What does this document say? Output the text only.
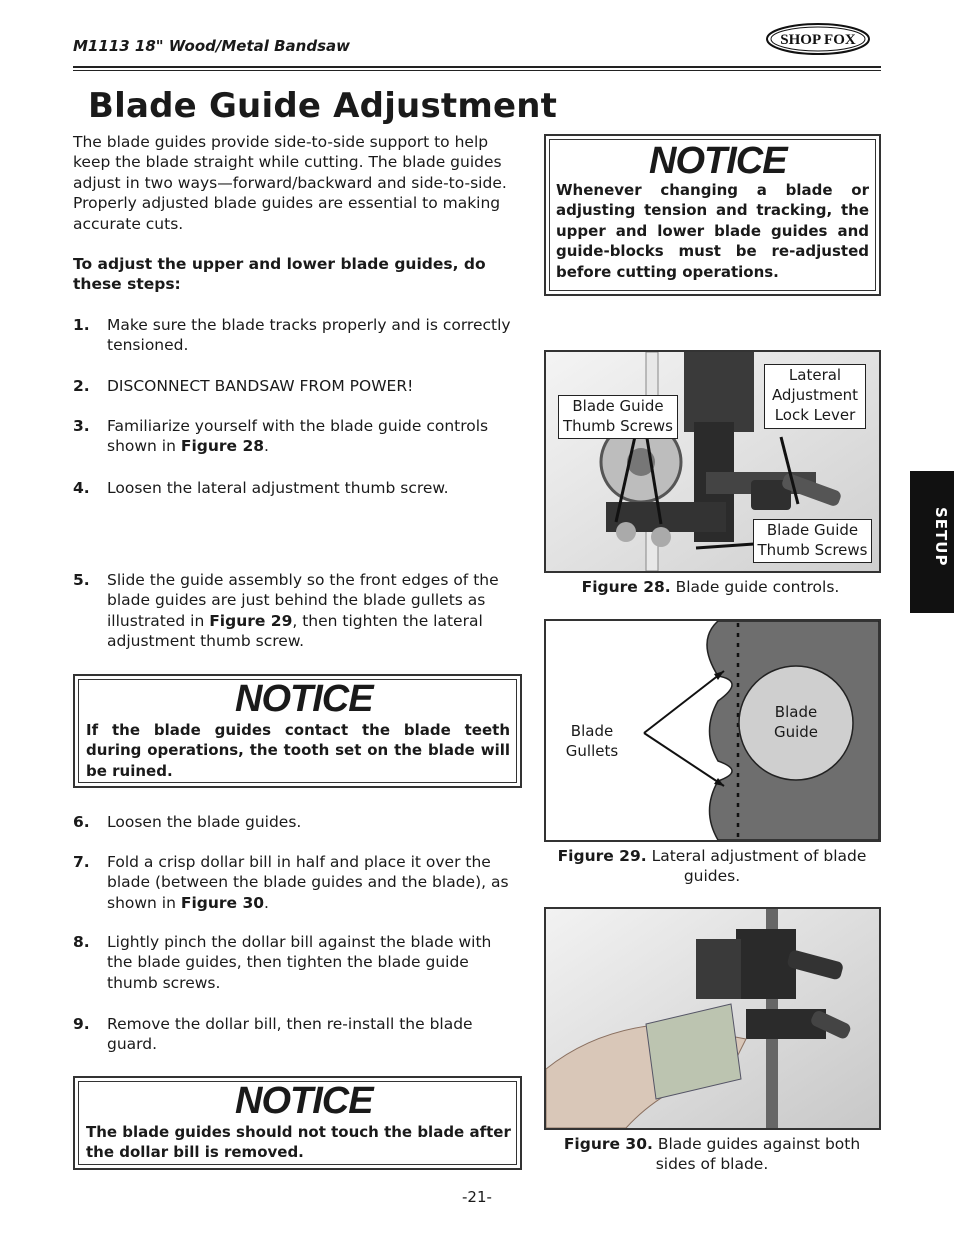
M1113 18" Wood/Metal Bandsaw	SHOP FOX
Blade Guide Adjustment
The blade guides provide side-to-side support to help keep the blade straight while cutting. The blade guides adjust in two ways—forward/backward and side-to-side. Properly adjusted blade guides are essential to making accurate cuts.
To adjust the upper and lower blade guides, do these steps:
1. Make sure the blade tracks properly and is correctly tensioned.
2. DISCONNECT BANDSAW FROM POWER!
3. Familiarize yourself with the blade guide controls shown in Figure 28.
4. Loosen the lateral adjustment thumb screw.
5. Slide the guide assembly so the front edges of the blade guides are just behind the blade gullets as illustrated in Figure 29, then tighten the lateral adjustment thumb screw.
NOTICE
If the blade guides contact the blade teeth during operations, the tooth set on the blade will be ruined.
6. Loosen the blade guides.
7. Fold a crisp dollar bill in half and place it over the blade (between the blade guides and the blade), as shown in Figure 30.
8. Lightly pinch the dollar bill against the blade with the blade guides, then tighten the blade guide thumb screws.
9. Remove the dollar bill, then re-install the blade guard.
NOTICE
The blade guides should not touch the blade after the dollar bill is removed.
NOTICE
Whenever changing a blade or adjusting tension and tracking, the upper and lower blade guides and guide-blocks must be re-adjusted before cutting operations.
Blade Guide Thumb Screws
Lateral Adjustment Lock Lever
Blade Guide Thumb Screws
Figure 28. Blade guide controls.
Blade Gullets
Blade Guide
Figure 29. Lateral adjustment of blade guides.
Figure 30. Blade guides against both sides of blade.
SETUP
-21-
